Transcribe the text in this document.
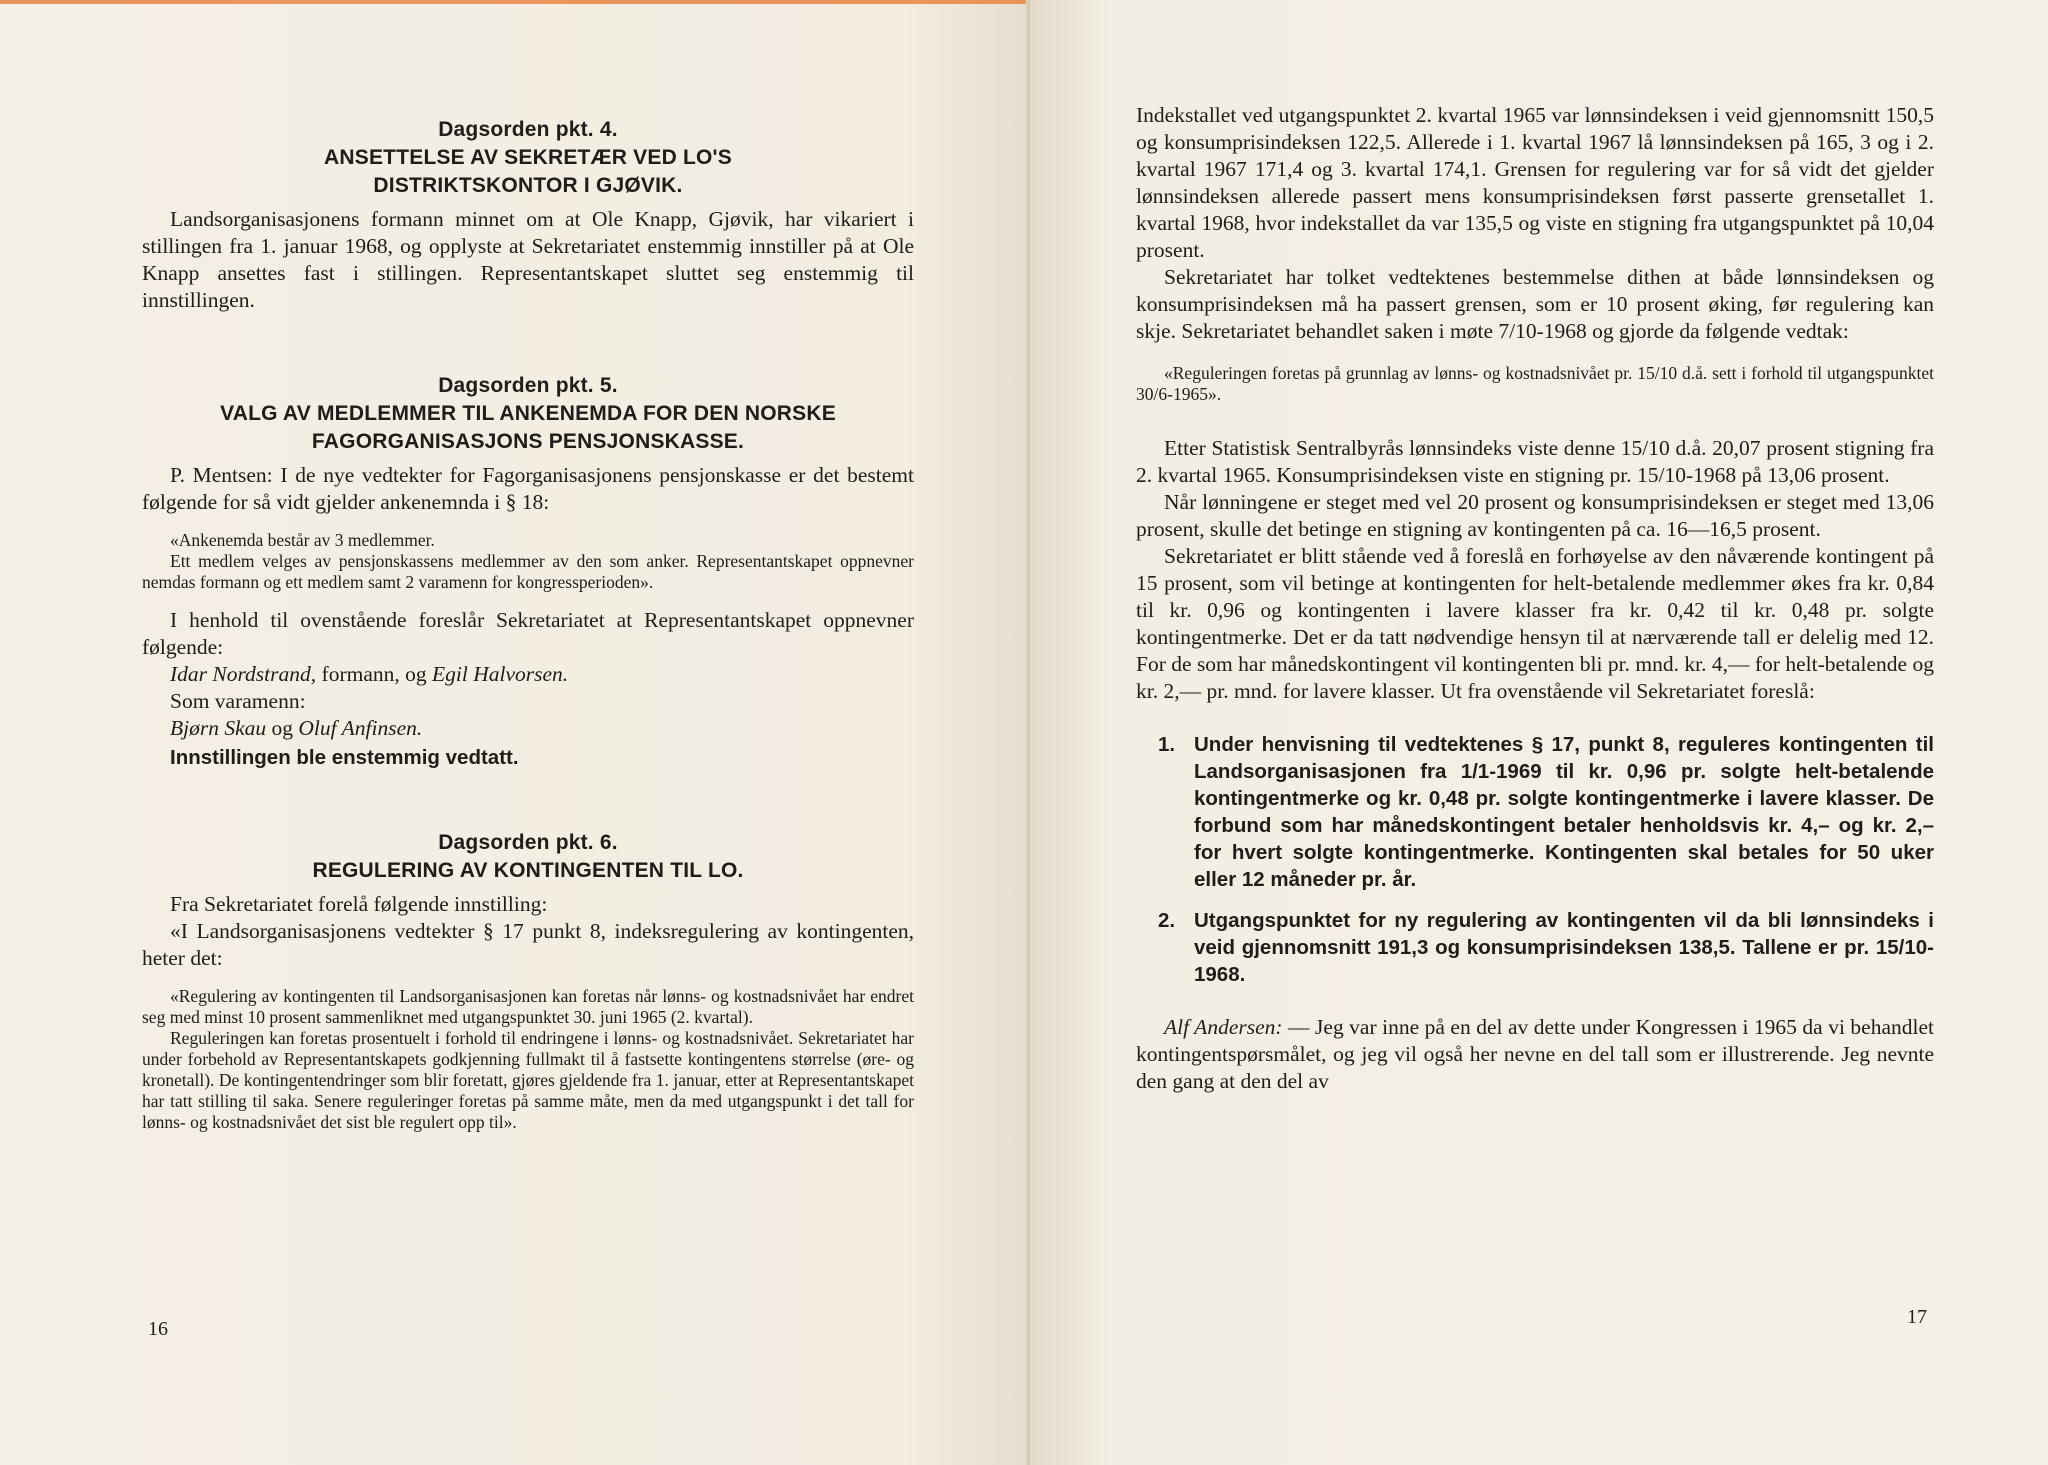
Dagsorden pkt. 4.
ANSETTELSE AV SEKRETÆR VED LO'S
DISTRIKTSKONTOR I GJØVIK.

Landsorganisasjonens formann minnet om at Ole Knapp, Gjøvik, har vikariert i stillingen fra 1. januar 1968, og opplyste at Sekretariatet enstemmig innstiller på at Ole Knapp ansettes fast i stillingen. Representantskapet sluttet seg enstemmig til innstillingen.

Dagsorden pkt. 5.
VALG AV MEDLEMMER TIL ANKENEMDA FOR DEN NORSKE
FAGORGANISASJONS PENSJONSKASSE.

P. Mentsen: I de nye vedtekter for Fagorganisasjonens pensjonskasse er det bestemt følgende for så vidt gjelder ankenemnda i § 18:

«Ankenemda består av 3 medlemmer.
Ett medlem velges av pensjonskassens medlemmer av den som anker. Representantskapet oppnevner nemdas formann og ett medlem samt 2 varamenn for kongressperioden».

I henhold til ovenstående foreslår Sekretariatet at Representantskapet oppnevner følgende:

Idar Nordstrand, formann, og Egil Halvorsen.

Som varamenn:

Bjørn Skau og Oluf Anfinsen.

Innstillingen ble enstemmig vedtatt.

Dagsorden pkt. 6.
REGULERING AV KONTINGENTEN TIL LO.

Fra Sekretariatet forelå følgende innstilling:

«I Landsorganisasjonens vedtekter § 17 punkt 8, indeksregulering av kontingenten, heter det:

«Regulering av kontingenten til Landsorganisasjonen kan foretas når lønns- og kostnadsnivået har endret seg med minst 10 prosent sammenliknet med utgangspunktet 30. juni 1965 (2. kvartal).
Reguleringen kan foretas prosentuelt i forhold til endringene i lønns- og kostnadsnivået. Sekretariatet har under forbehold av Representantskapets godkjenning fullmakt til å fastsette kontingentens størrelse (øre- og kronetall). De kontingentendringer som blir foretatt, gjøres gjeldende fra 1. januar, etter at Representantskapet har tatt stilling til saka. Senere reguleringer foretas på samme måte, men da med utgangspunkt i det tall for lønns- og kostnadsnivået det sist ble regulert opp til».
16

Indekstallet ved utgangspunktet 2. kvartal 1965 var lønnsindeksen i veid gjennomsnitt 150,5 og konsumprisindeksen 122,5. Allerede i 1. kvartal 1967 lå lønnsindeksen på 165, 3 og i 2. kvartal 1967 171,4 og 3. kvartal 174,1. Grensen for regulering var for så vidt det gjelder lønnsindeksen allerede passert mens konsumprisindeksen først passerte grensetallet 1. kvartal 1968, hvor indekstallet da var 135,5 og viste en stigning fra utgangspunktet på 10,04 prosent.

Sekretariatet har tolket vedtektenes bestemmelse dithen at både lønnsindeksen og konsumprisindeksen må ha passert grensen, som er 10 prosent øking, før regulering kan skje. Sekretariatet behandlet saken i møte 7/10-1968 og gjorde da følgende vedtak:

«Reguleringen foretas på grunnlag av lønns- og kostnadsnivået pr. 15/10 d.å. sett i forhold til utgangspunktet 30/6-1965».

Etter Statistisk Sentralbyrås lønnsindeks viste denne 15/10 d.å. 20,07 prosent stigning fra 2. kvartal 1965. Konsumprisindeksen viste en stigning pr. 15/10-1968 på 13,06 prosent.

Når lønningene er steget med vel 20 prosent og konsumprisindeksen er steget med 13,06 prosent, skulle det betinge en stigning av kontingenten på ca. 16—16,5 prosent.

Sekretariatet er blitt stående ved å foreslå en forhøyelse av den nåværende kontingent på 15 prosent, som vil betinge at kontingenten for helt-betalende medlemmer økes fra kr. 0,84 til kr. 0,96 og kontingenten i lavere klasser fra kr. 0,42 til kr. 0,48 pr. solgte kontingentmerke. Det er da tatt nødvendige hensyn til at nærværende tall er delelig med 12. For de som har månedskontingent vil kontingenten bli pr. mnd. kr. 4,— for helt-betalende og kr. 2,— pr. mnd. for lavere klasser. Ut fra ovenstående vil Sekretariatet foreslå:

1. Under henvisning til vedtektenes § 17, punkt 8, reguleres kontingenten til Landsorganisasjonen fra 1/1-1969 til kr. 0,96 pr. solgte helt-betalende kontingentmerke og kr. 0,48 pr. solgte kontingentmerke i lavere klasser. De forbund som har månedskontingent betaler henholdsvis kr. 4,– og kr. 2,– for hvert solgte kontingentmerke. Kontingenten skal betales for 50 uker eller 12 måneder pr. år.
2. Utgangspunktet for ny regulering av kontingenten vil da bli lønnsindeks i veid gjennomsnitt 191,3 og konsumprisindeksen 138,5. Tallene er pr. 15/10-1968.

Alf Andersen: — Jeg var inne på en del av dette under Kongressen i 1965 da vi behandlet kontingentspørsmålet, og jeg vil også her nevne en del tall som er illustrerende. Jeg nevnte den gang at den del av

17
